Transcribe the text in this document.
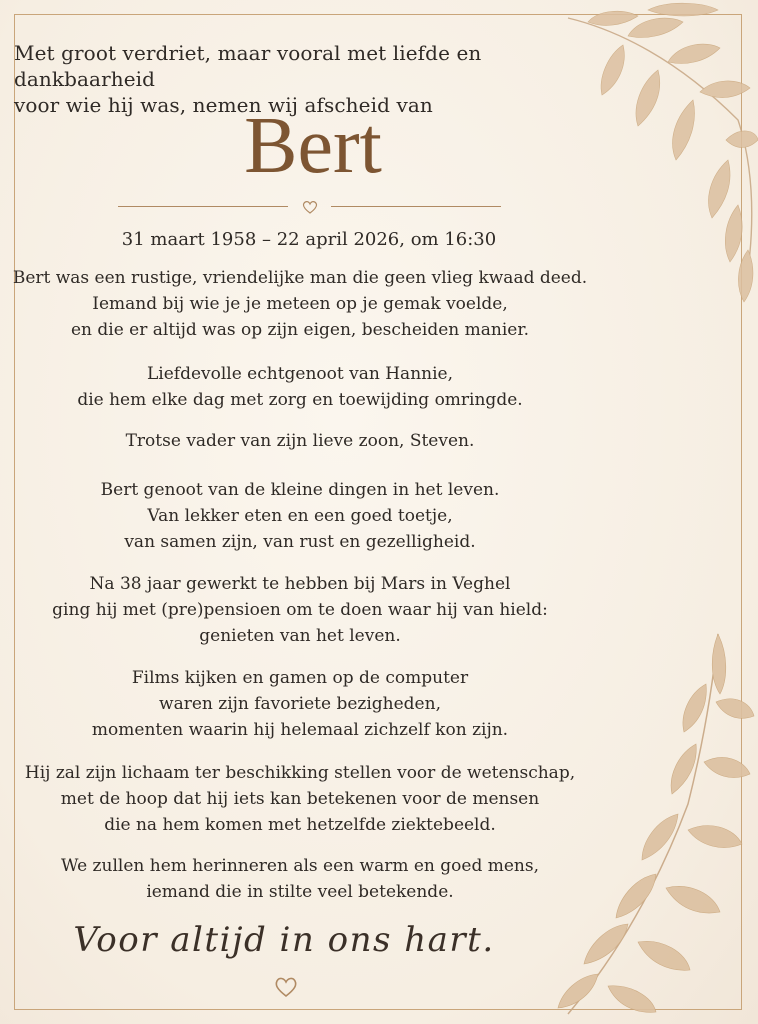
Met groot verdriet, maar vooral met liefde en dankbaarheid
voor wie hij was, nemen wij afscheid van
Bert
31 maart 1958 – 22 april 2026, om 16:30
Bert was een rustige, vriendelijke man die geen vlieg kwaad deed.
Iemand bij wie je je meteen op je gemak voelde,
en die er altijd was op zijn eigen, bescheiden manier.
Liefdevolle echtgenoot van Hannie,
die hem elke dag met zorg en toewijding omringde.
Trotse vader van zijn lieve zoon, Steven.
Bert genoot van de kleine dingen in het leven.
Van lekker eten en een goed toetje,
van samen zijn, van rust en gezelligheid.
Na 38 jaar gewerkt te hebben bij Mars in Veghel
ging hij met (pre)pensioen om te doen waar hij van hield:
genieten van het leven.
Films kijken en gamen op de computer
waren zijn favoriete bezigheden,
momenten waarin hij helemaal zichzelf kon zijn.
Hij zal zijn lichaam ter beschikking stellen voor de wetenschap,
met de hoop dat hij iets kan betekenen voor de mensen
die na hem komen met hetzelfde ziektebeeld.
We zullen hem herinneren als een warm en goed mens,
iemand die in stilte veel betekende.
Voor altijd in ons hart.
